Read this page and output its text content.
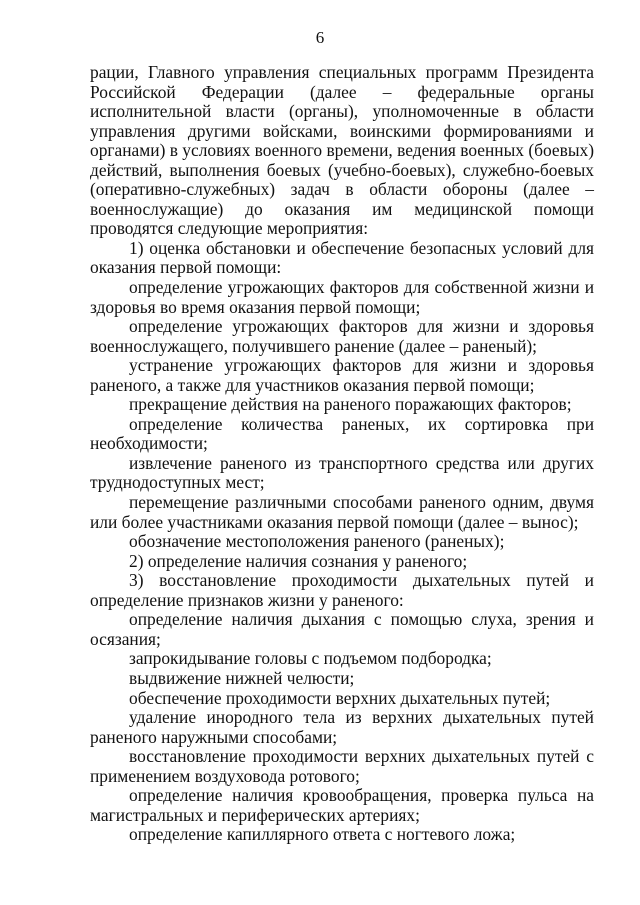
6

рации, Главного управления специальных программ Президента Российской Федерации (далее – федеральные органы исполнительной власти (органы), уполномоченные в области управления другими войсками, воинскими формированиями и органами) в условиях военного времени, ведения военных (боевых) действий, выполнения боевых (учебно-боевых), служебно-боевых (оперативно-служебных) задач в области обороны (далее – военнослужащие) до оказания им медицинской помощи проводятся следующие мероприятия:

1) оценка обстановки и обеспечение безопасных условий для оказания первой помощи:

определение угрожающих факторов для собственной жизни и здоровья во время оказания первой помощи;

определение угрожающих факторов для жизни и здоровья военнослужащего, получившего ранение (далее – раненый);

устранение угрожающих факторов для жизни и здоровья раненого, а также для участников оказания первой помощи;

прекращение действия на раненого поражающих факторов;

определение количества раненых, их сортировка при необходимости;

извлечение раненого из транспортного средства или других труднодоступных мест;

перемещение различными способами раненого одним, двумя или более участниками оказания первой помощи (далее – вынос);

обозначение местоположения раненого (раненых);

2) определение наличия сознания у раненого;

3) восстановление проходимости дыхательных путей и определение признаков жизни у раненого:

определение наличия дыхания с помощью слуха, зрения и осязания;

запрокидывание головы с подъемом подбородка;

выдвижение нижней челюсти;

обеспечение проходимости верхних дыхательных путей;

удаление инородного тела из верхних дыхательных путей раненого наружными способами;

восстановление проходимости верхних дыхательных путей с применением воздуховода ротового;

определение наличия кровообращения, проверка пульса на магистральных и периферических артериях;

определение капиллярного ответа с ногтевого ложа;
